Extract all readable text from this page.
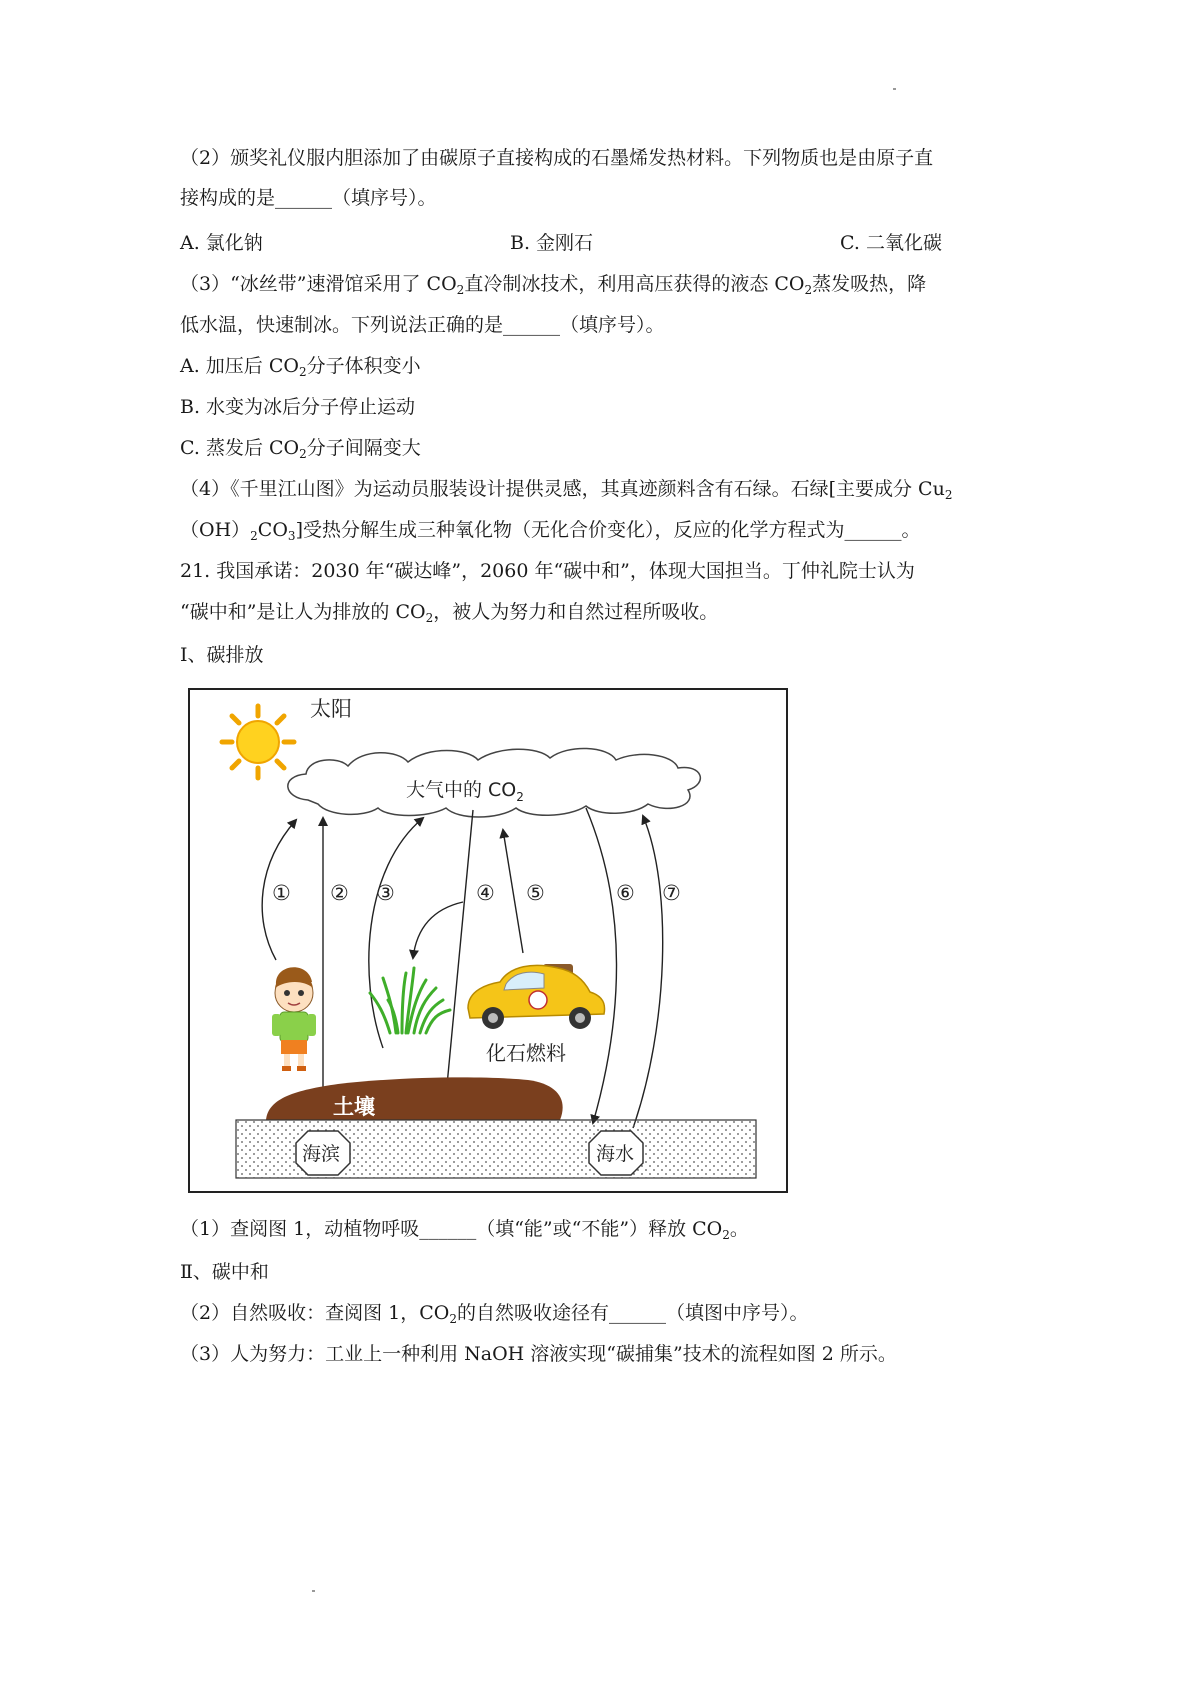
（2）颁奖礼仪服内胆添加了由碳原子直接构成的石墨烯发热材料。下列物质也是由原子直
接构成的是______（填序号）。
A. 氯化钠	B. 金刚石	C. 二氧化碳
（3）“冰丝带”速滑馆采用了 $CO_2$直冷制冰技术，利用高压获得的液态 $CO_2$蒸发吸热，降
低水温，快速制冰。下列说法正确的是______（填序号）。
A. 加压后 $CO_2$分子体积变小
B. 水变为冰后分子停止运动
C. 蒸发后 $CO_2$分子间隔变大
（4）《千里江山图》为运动员服装设计提供灵感，其真迹颜料含有石绿。石绿[主要成分 $Cu_2$
$(OH)_2CO_3$]受热分解生成三种氧化物（无化合价变化），反应的化学方程式为______。
21. 我国承诺：2030 年“碳达峰”，2060 年“碳中和”，体现大国担当。丁仲礼院士认为
“碳中和”是让人为排放的 $CO_2$，被人为努力和自然过程所吸收。
Ⅰ、碳排放
太阳
大气中的 $CO_2$
① ② ③	④ ⑤	⑥ ⑦
化石燃料
土壤
海滨	海水
（1）查阅图 1，动植物呼吸______（填“能”或“不能”）释放 $CO_2$。
Ⅱ、碳中和
（2）自然吸收：查阅图 1，$CO_2$的自然吸收途径有______（填图中序号）。
（3）人为努力：工业上一种利用 NaOH 溶液实现“碳捕集”技术的流程如图 2 所示。
